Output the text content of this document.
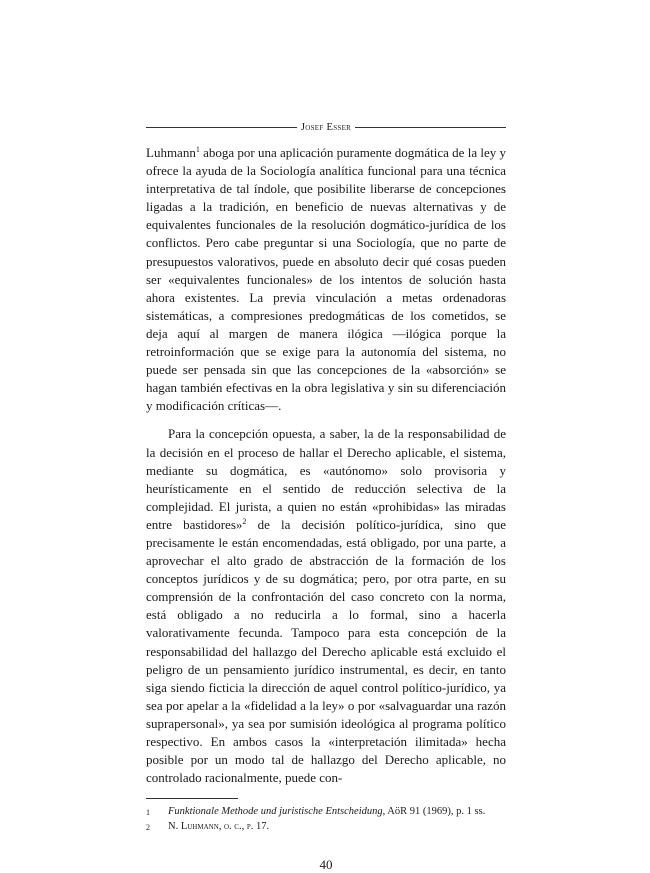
Josef Esser

Luhmann$^1$ aboga por una aplicación puramente dogmática de la ley y ofrece la ayuda de la Sociología analítica funcional para una técnica interpretativa de tal índole, que posibilite liberarse de concepciones ligadas a la tradición, en beneficio de nuevas alternativas y de equivalentes funcionales de la resolución dogmático-jurídica de los conflictos. Pero cabe preguntar si una Sociología, que no parte de presupuestos valorativos, puede en absoluto decir qué cosas pueden ser «equivalentes funcionales» de los intentos de solución hasta ahora existentes. La previa vinculación a metas ordenadoras sistemáticas, a compresiones predogmáticas de los cometidos, se deja aquí al margen de manera ilógica —ilógica porque la retroinformación que se exige para la autonomía del sistema, no puede ser pensada sin que las concepciones de la «absorción» se hagan también efectivas en la obra legislativa y sin su diferenciación y modificación críticas—.

Para la concepción opuesta, a saber, la de la responsabilidad de la decisión en el proceso de hallar el Derecho aplicable, el sistema, mediante su dogmática, es «autónomo» solo provisoria y heurísticamente en el sentido de reducción selectiva de la complejidad. El jurista, a quien no están «prohibidas» las miradas entre bastidores»$^2$ de la decisión político-jurídica, sino que precisamente le están encomendadas, está obligado, por una parte, a aprovechar el alto grado de abstracción de la formación de los conceptos jurídicos y de su dogmática; pero, por otra parte, en su comprensión de la confrontación del caso concreto con la norma, está obligado a no reducirla a lo formal, sino a hacerla valorativamente fecunda. Tampoco para esta concepción de la responsabilidad del hallazgo del Derecho aplicable está excluido el peligro de un pensamiento jurídico instrumental, es decir, en tanto siga siendo ficticia la dirección de aquel control político-jurídico, ya sea por apelar a la «fidelidad a la ley» o por «salvaguardar una razón suprapersonal», ya sea por sumisión ideológica al programa político respectivo. En ambos casos la «interpretación ilimitada» hecha posible por un modo tal de hallazgo del Derecho aplicable, no controlado racionalmente, puede con-

1	Funktionale Methode und juristische Entscheidung, AöR 91 (1969), p. 1 ss.
2	N. Luhmann, o. c., p. 17.
40
